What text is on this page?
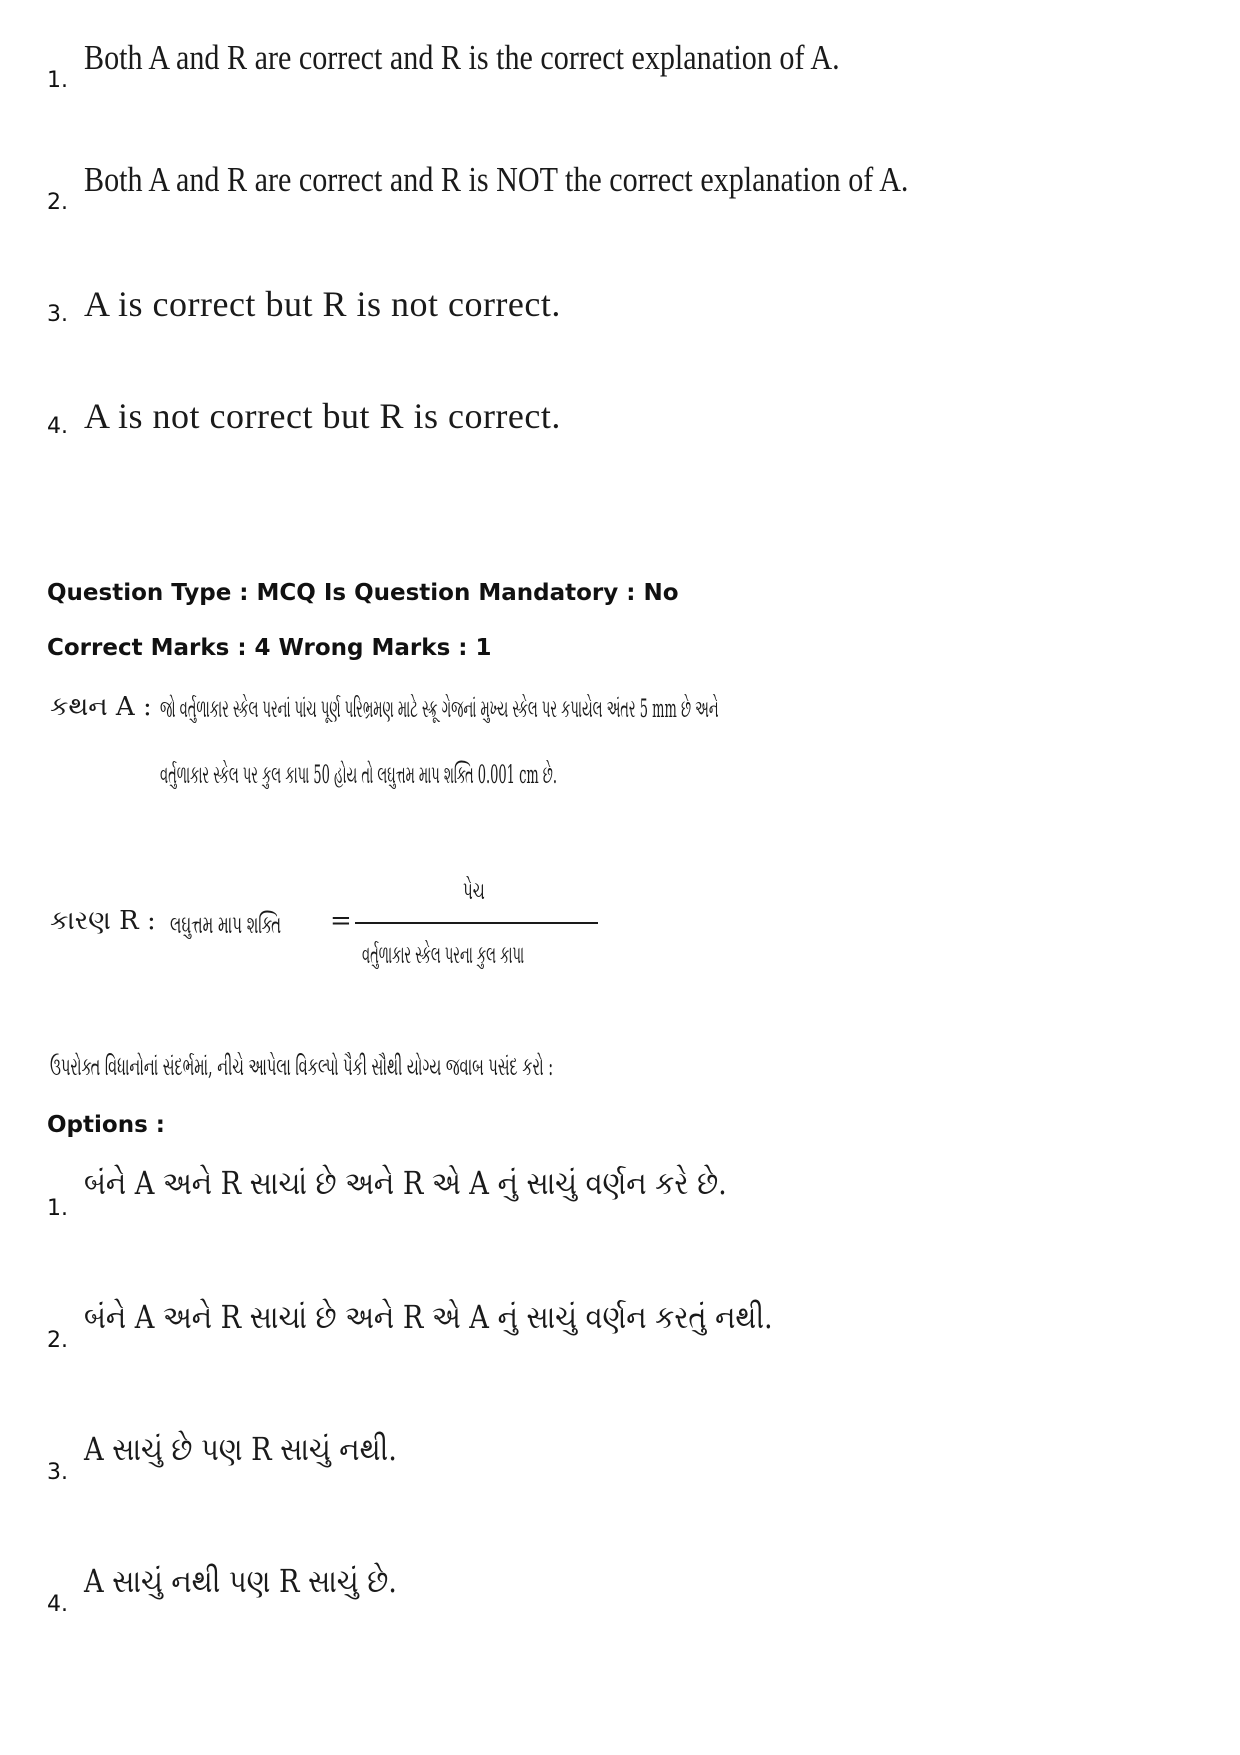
1.
Both A and R are correct and R is the correct explanation of A.
2.
Both A and R are correct and R is NOT the correct explanation of A.
3. A is correct but R is not correct.
4. A is not correct but R is correct.
Question Type : MCQ Is Question Mandatory : No
Correct Marks : 4 Wrong Marks : 1
કથન A : જો વર્તુળાકાર સ્કેલ પરનાં પાંચ પૂર્ણ પરિભ્રમણ માટે સ્ક્રૂ ગેજનાં મુખ્ય સ્કેલ પર કપાયેલ અંતર 5 mm છે અને
વર્તુળાકાર સ્કેલ પર કુલ કાપા 50 હોય તો લઘુત્તમ માપ શક્તિ 0.001 cm છે.
કારણ R : લઘુત્તમ માપ શક્તિ =
પેચ
વર્તુળાકાર સ્કેલ પરના કુલ કાપા
ઉપરોક્ત વિધાનોનાં સંદર્ભમાં, નીચે આપેલા વિકલ્પો પૈકી સૌથી યોગ્ય જવાબ પસંદ કરો :
Options :
1.
બંને A અને R સાચાં છે અને R એ A નું સાચું વર્ણન કરે છે.
2.
બંને A અને R સાચાં છે અને R એ A નું સાચું વર્ણન કરતું નથી.
3.
A સાચું છે પણ R સાચું નથી.
4.
A સાચું નથી પણ R સાચું છે.
